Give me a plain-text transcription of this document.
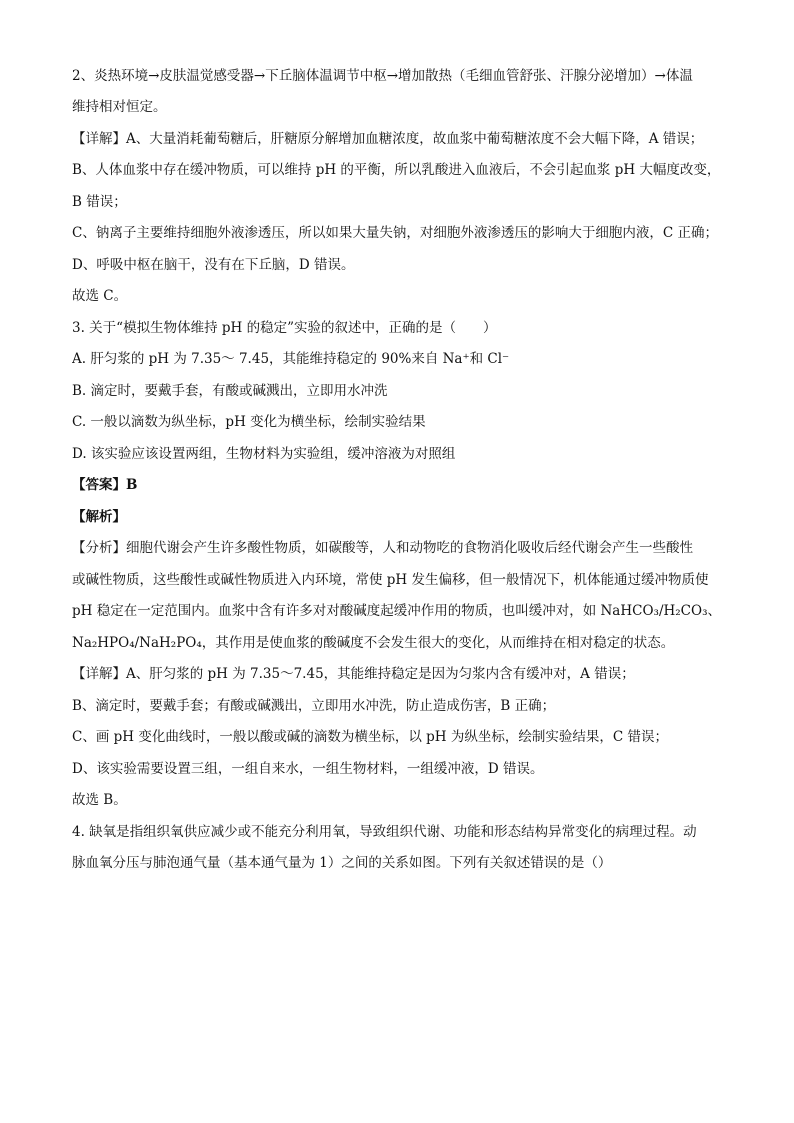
2、炎热环境→皮肤温觉感受器→下丘脑体温调节中枢→增加散热（毛细血管舒张、汗腺分泌增加）→体温
维持相对恒定。
【详解】A、大量消耗葡萄糖后，肝糖原分解增加血糖浓度，故血浆中葡萄糖浓度不会大幅下降，A 错误；
B、人体血浆中存在缓冲物质，可以维持 pH 的平衡，所以乳酸进入血液后，不会引起血浆 pH 大幅度改变，
B 错误；
C、钠离子主要维持细胞外液渗透压，所以如果大量失钠，对细胞外液渗透压的影响大于细胞内液，C 正确；
D、呼吸中枢在脑干，没有在下丘脑，D 错误。
故选 C。
3. 关于“模拟生物体维持 pH 的稳定”实验的叙述中，正确的是（　　）
A. 肝匀浆的 pH 为 7.35～ 7.45，其能维持稳定的 90%来自 Na⁺和 Cl⁻
B. 滴定时，要戴手套，有酸或碱溅出，立即用水冲洗
C. 一般以滴数为纵坐标，pH 变化为横坐标，绘制实验结果
D. 该实验应该设置两组，生物材料为实验组，缓冲溶液为对照组
【答案】B
【解析】
【分析】细胞代谢会产生许多酸性物质，如碳酸等，人和动物吃的食物消化吸收后经代谢会产生一些酸性
或碱性物质，这些酸性或碱性物质进入内环境，常使 pH 发生偏移，但一般情况下，机体能通过缓冲物质使
pH 稳定在一定范围内。血浆中含有许多对对酸碱度起缓冲作用的物质，也叫缓冲对，如 NaHCO₃/H₂CO₃、
Na₂HPO₄/NaH₂PO₄，其作用是使血浆的酸碱度不会发生很大的变化，从而维持在相对稳定的状态。
【详解】A、肝匀浆的 pH 为 7.35～7.45，其能维持稳定是因为匀浆内含有缓冲对，A 错误；
B、滴定时，要戴手套；有酸或碱溅出，立即用水冲洗，防止造成伤害，B 正确；
C、画 pH 变化曲线时，一般以酸或碱的滴数为横坐标，以 pH 为纵坐标，绘制实验结果，C 错误；
D、该实验需要设置三组，一组自来水，一组生物材料，一组缓冲液，D 错误。
故选 B。
4. 缺氧是指组织氧供应减少或不能充分利用氧，导致组织代谢、功能和形态结构异常变化的病理过程。动
脉血氧分压与肺泡通气量（基本通气量为 1）之间的关系如图。下列有关叙述错误的是（）
